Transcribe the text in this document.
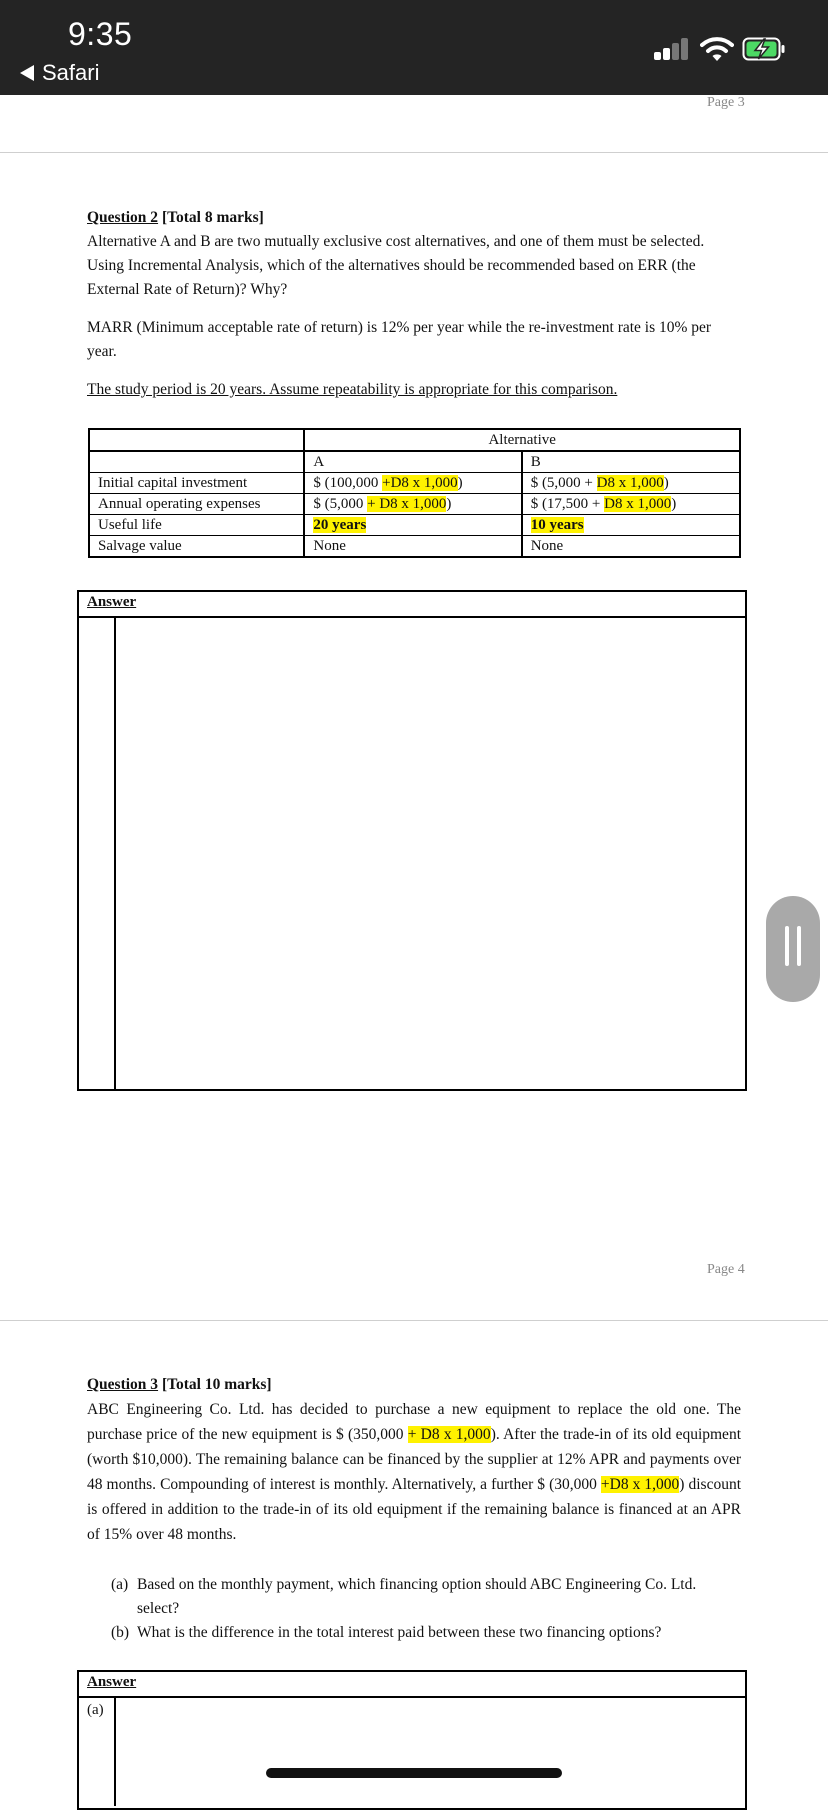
9:35
Safari
Page 3
Question 2 [Total 8 marks]
Alternative A and B are two mutually exclusive cost alternatives, and one of them must be selected. Using Incremental Analysis, which of the alternatives should be recommended based on ERR (the External Rate of Return)? Why?
MARR (Minimum acceptable rate of return) is 12% per year while the re-investment rate is 10% per year.
The study period is 20 years. Assume repeatability is appropriate for this comparison.
	Alternative	
	A	B
Initial capital investment	$ (100,000 +D8 x 1,000)	$ (5,000 + D8 x 1,000)
Annual operating expenses	$ (5,000 + D8 x 1,000)	$ (17,500 + D8 x 1,000)
Useful life	20 years	10 years
Salvage value	None	None
Answer
Page 4
Question 3 [Total 10 marks]
ABC Engineering Co. Ltd. has decided to purchase a new equipment to replace the old one. The purchase price of the new equipment is $ (350,000 + D8 x 1,000). After the trade-in of its old equipment (worth $10,000). The remaining balance can be financed by the supplier at 12% APR and payments over 48 months. Compounding of interest is monthly. Alternatively, a further $ (30,000 +D8 x 1,000) discount is offered in addition to the trade-in of its old equipment if the remaining balance is financed at an APR of 15% over 48 months.
(a) Based on the monthly payment, which financing option should ABC Engineering Co. Ltd. select?
(b) What is the difference in the total interest paid between these two financing options?
Answer
(a)
